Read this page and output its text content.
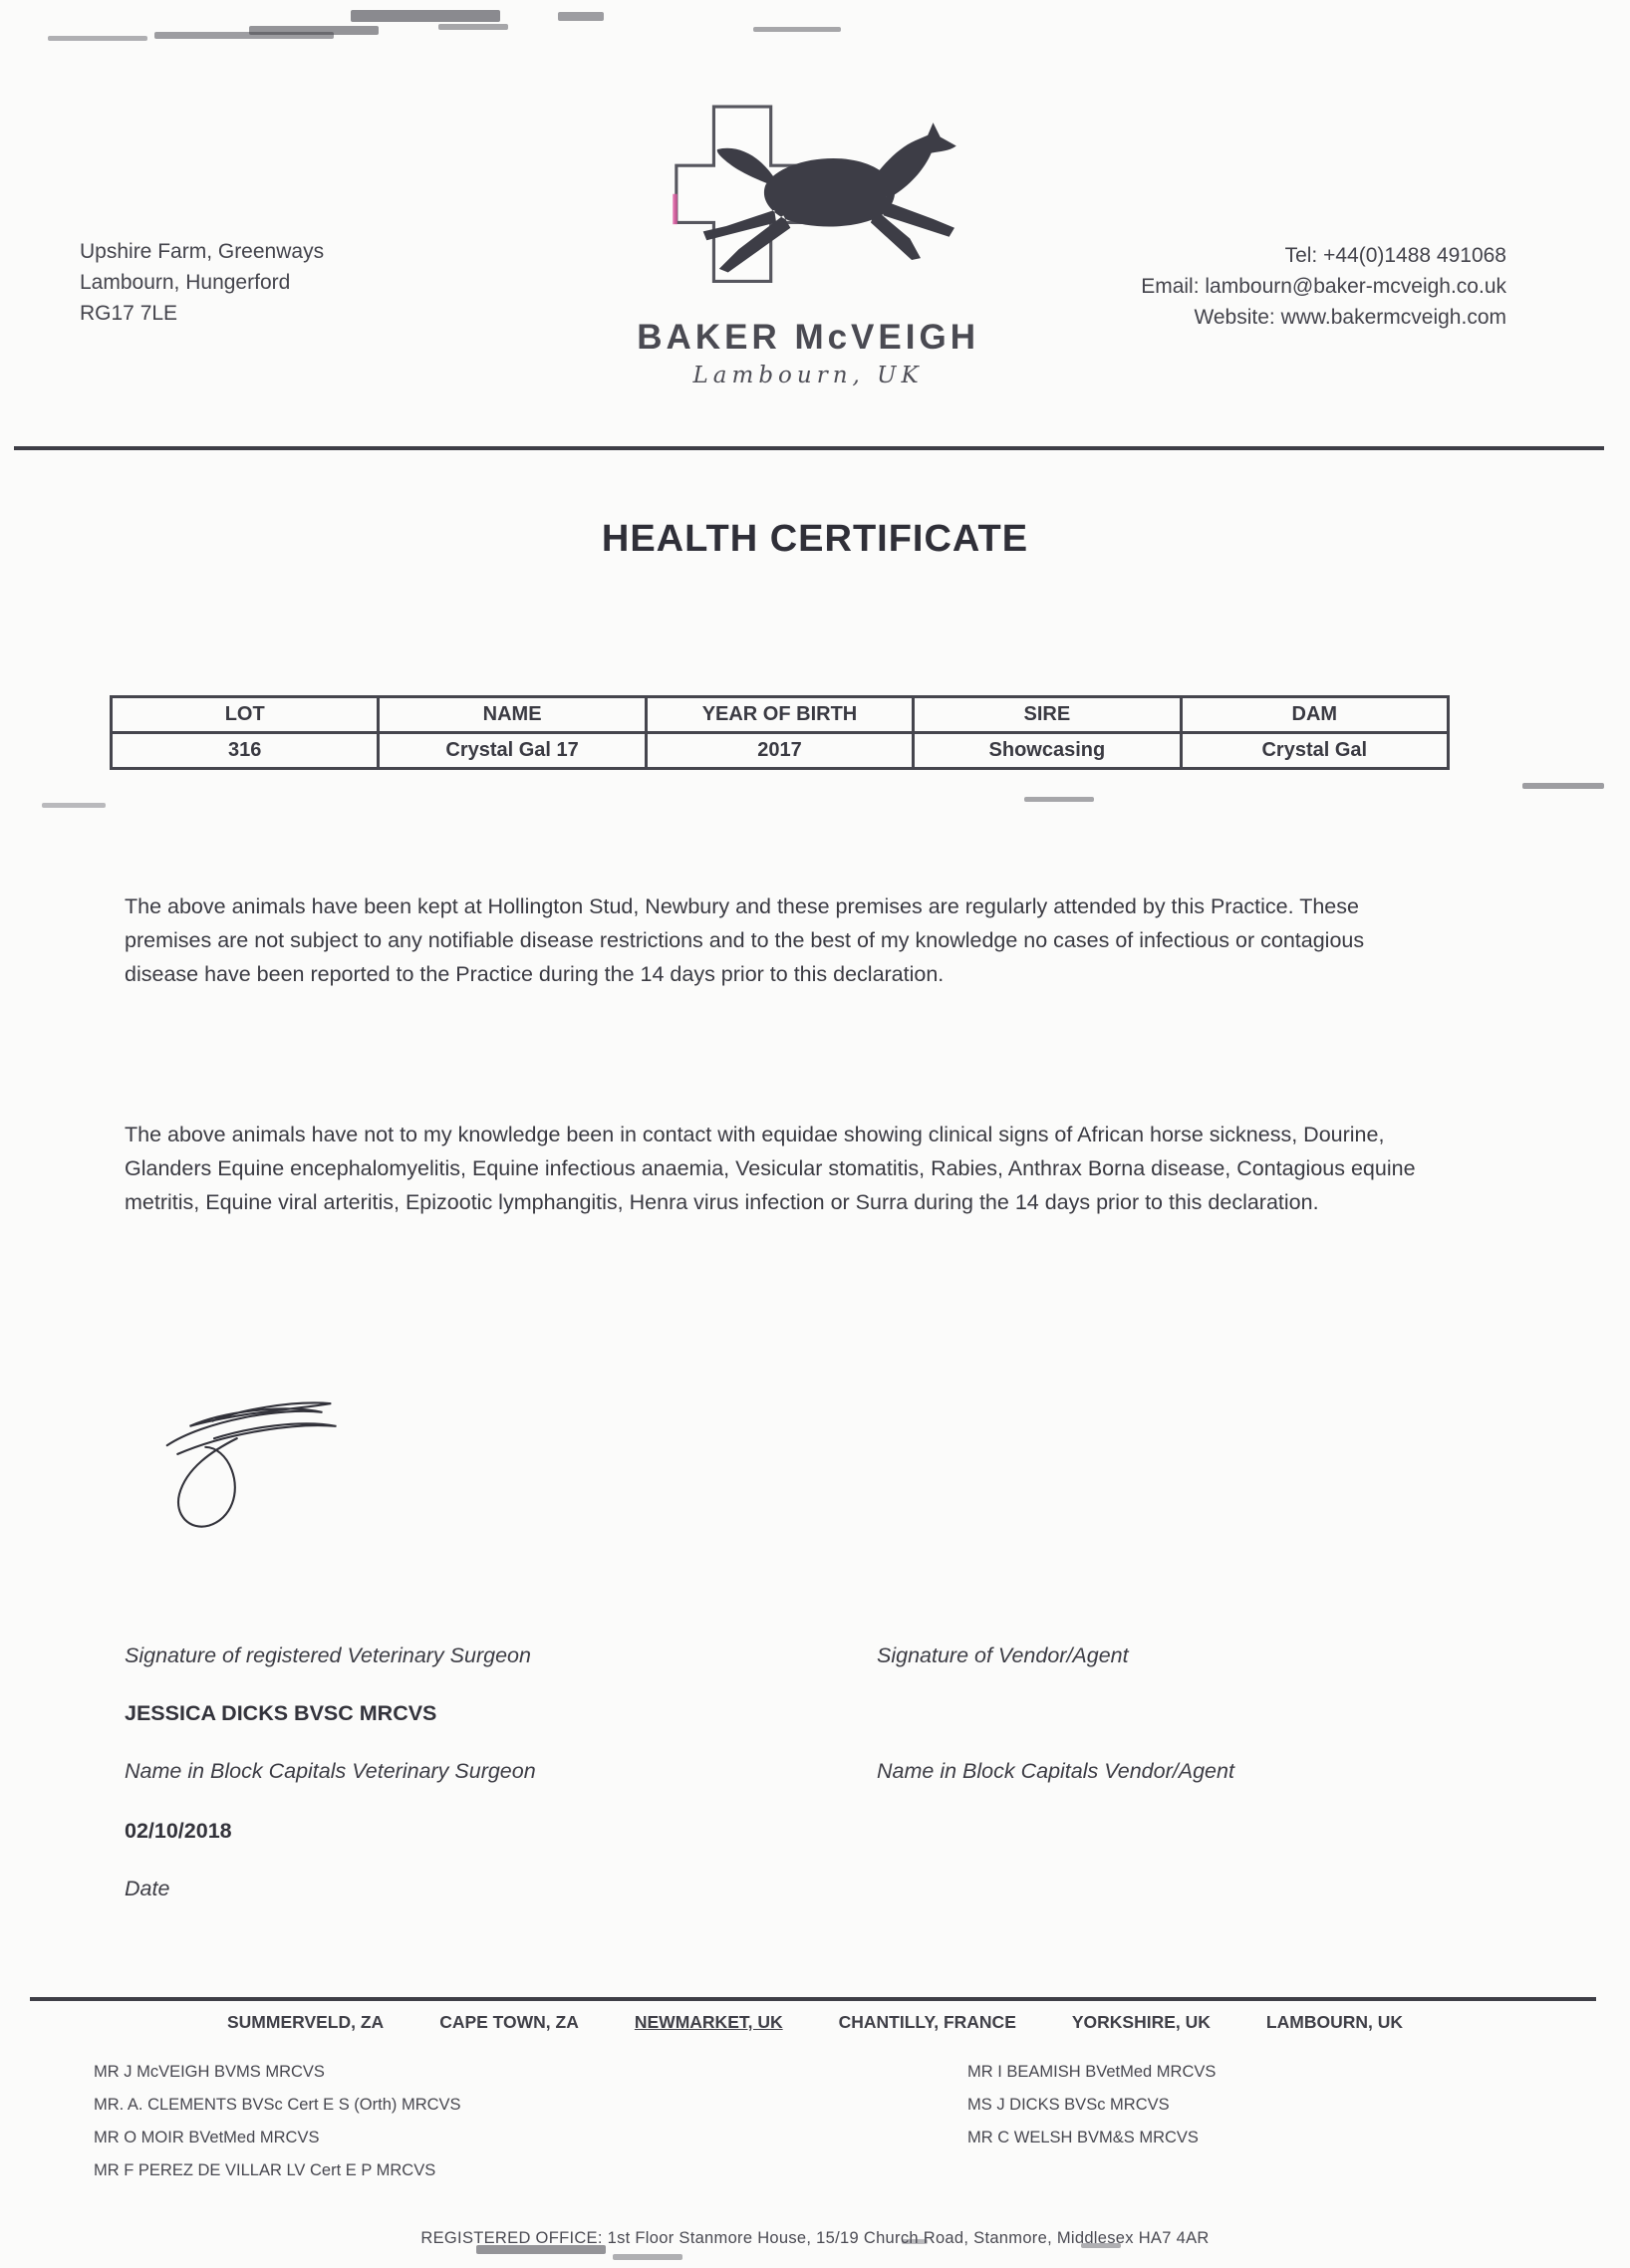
Upshire Farm, Greenways
Lambourn, Hungerford
RG17 7LE
BAKER McVEIGH
Lambourn, UK
Tel: +44(0)1488 491068
Email: lambourn@baker-mcveigh.co.uk
Website: www.bakermcveigh.com
HEALTH CERTIFICATE
LOT	NAME	YEAR OF BIRTH	SIRE	DAM
316	Crystal Gal 17	2017	Showcasing	Crystal Gal
The above animals have been kept at Hollington Stud, Newbury and these premises are regularly attended by this Practice. These premises are not subject to any notifiable disease restrictions and to the best of my knowledge no cases of infectious or contagious disease have been reported to the Practice during the 14 days prior to this declaration.
The above animals have not to my knowledge been in contact with equidae showing clinical signs of African horse sickness, Dourine, Glanders Equine encephalomyelitis, Equine infectious anaemia, Vesicular stomatitis, Rabies, Anthrax Borna disease, Contagious equine metritis, Equine viral arteritis, Epizootic lymphangitis, Henra virus infection or Surra during the 14 days prior to this declaration.
Signature of registered Veterinary Surgeon	Signature of Vendor/Agent
JESSICA DICKS BVSC MRCVS
Name in Block Capitals Veterinary Surgeon	Name in Block Capitals Vendor/Agent
02/10/2018
Date
SUMMERVELD, ZA	CAPE TOWN, ZA	NEWMARKET, UK	CHANTILLY, FRANCE	YORKSHIRE, UK	LAMBOURN, UK
MR J McVEIGH BVMS MRCVS
MR. A. CLEMENTS BVSc Cert E S (Orth) MRCVS
MR O MOIR BVetMed MRCVS
MR F PEREZ DE VILLAR LV Cert E P MRCVS
MR I BEAMISH BVetMed MRCVS
MS J DICKS BVSc MRCVS
MR C WELSH BVM&S MRCVS
REGISTERED OFFICE: 1st Floor Stanmore House, 15/19 Church Road, Stanmore, Middlesex HA7 4AR
